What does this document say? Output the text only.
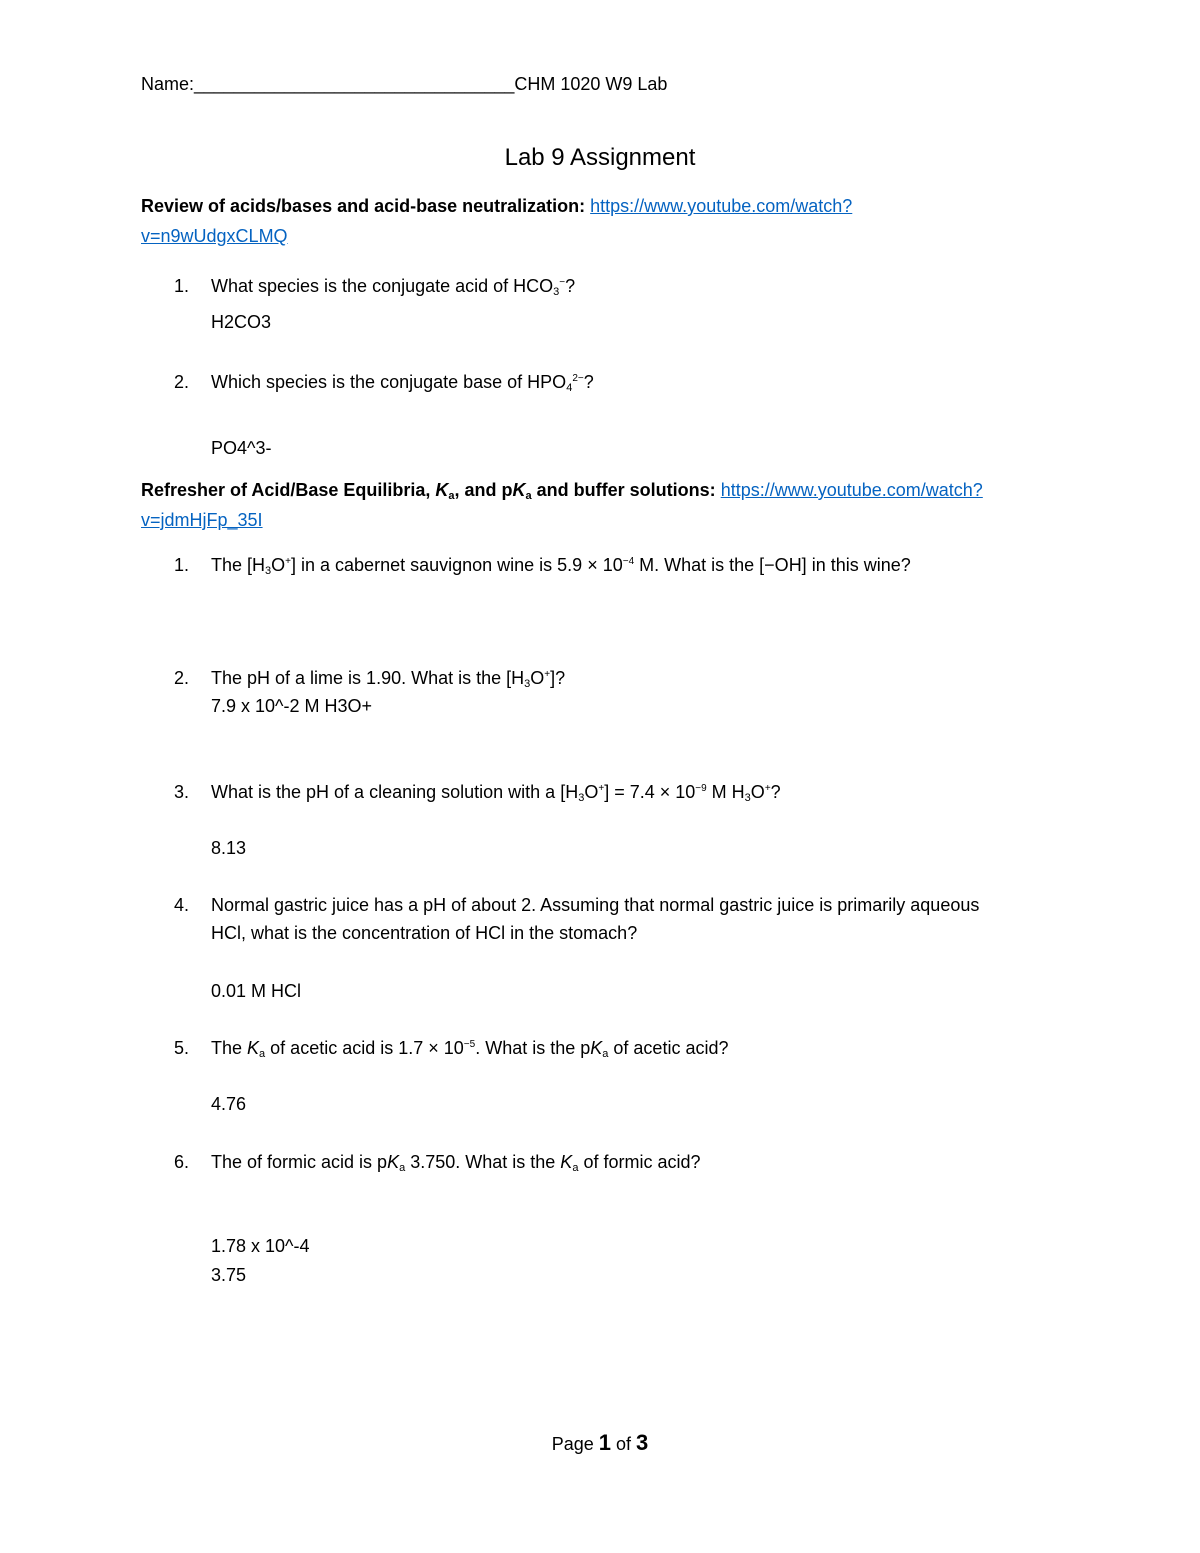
Name:________________________________CHM 1020 W9 Lab
Lab 9 Assignment
Review of acids/bases and acid-base neutralization: https://www.youtube.com/watch?
v=n9wUdgxCLMQ
1. What species is the conjugate acid of $HCO_3^-$?
H2CO3
2. Which species is the conjugate base of $HPO_4^{2-}$?
PO4^3-
Refresher of Acid/Base Equilibria, $K_a$, and $pK_a$ and buffer solutions: https://www.youtube.com/watch?
v=jdmHjFp_35I
1. The $[H_3O^+]$ in a cabernet sauvignon wine is $5.9 \times 10^{-4}$ M. What is the [−OH] in this wine?
2. The pH of a lime is 1.90. What is the $[H_3O^+]$?
7.9 x 10^-2 M H3O+
3. What is the pH of a cleaning solution with a $[H_3O^+] = 7.4 \times 10^{-9}$ M $H_3O^+$?
8.13
4. Normal gastric juice has a pH of about 2. Assuming that normal gastric juice is primarily aqueous
HCl, what is the concentration of HCl in the stomach?
0.01 M HCl
5. The $K_a$ of acetic acid is $1.7 \times 10^{-5}$. What is the $pK_a$ of acetic acid?
4.76
6. The of formic acid is $pK_a$ 3.750. What is the $K_a$ of formic acid?
1.78 x 10^-4
3.75
Page 1 of 3
